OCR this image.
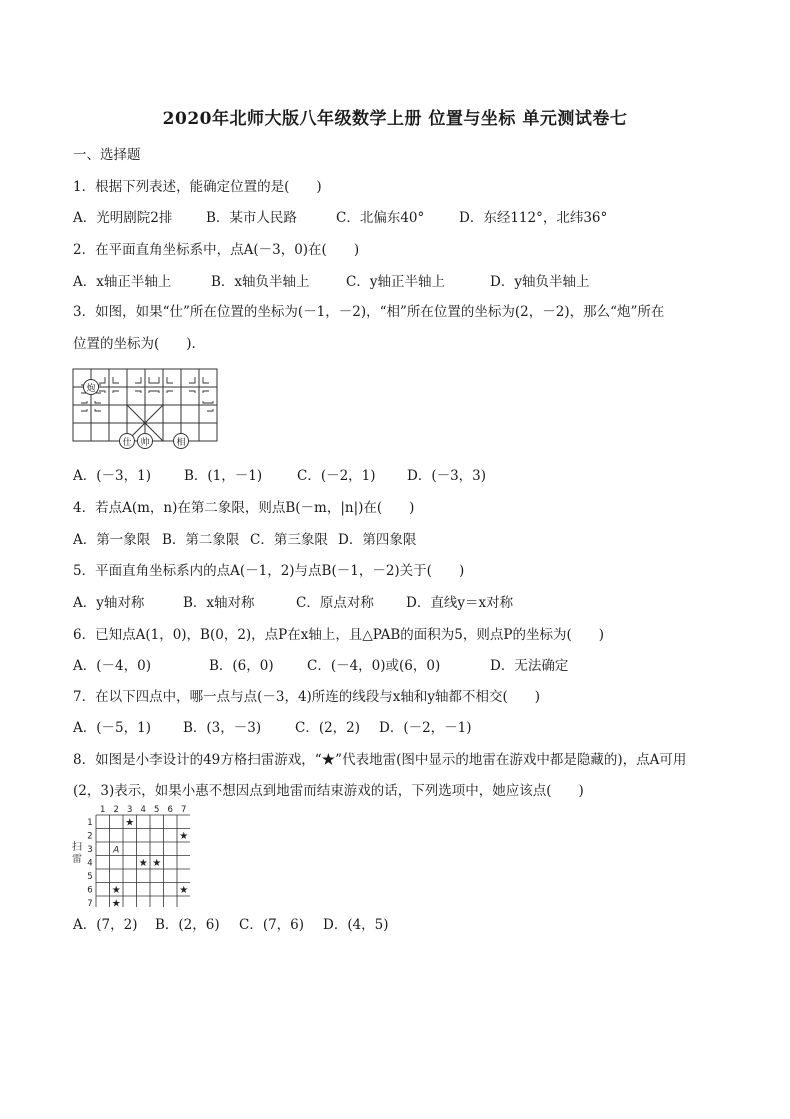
2020年北师大版八年级数学上册 位置与坐标 单元测试卷七
一、选择题
1．根据下列表述，能确定位置的是(　　)
A．光明剧院2排 B．某市人民路	C．北偏东40°	D．东经112°，北纬36°
2．在平面直角坐标系中，点A(－3，0)在(　　)
A．x轴正半轴上	B．x轴负半轴上	C．y轴正半轴上	D．y轴负半轴上
3．如图，如果“仕”所在位置的坐标为(－1，－2)，“相”所在位置的坐标为(2，－2)，那么“炮”所在
位置的坐标为(　　).
炮
仕 帅	相
A．(－3，1) B．(1，－1)	C．(－2，1) D．(－3，3)
4．若点A(m，n)在第二象限，则点B(－m，|n|)在(　　)
A．第一象限 B．第二象限 C．第三象限 D．第四象限
5．平面直角坐标系内的点A(－1，2)与点B(－1，－2)关于(　　)
A．y轴对称	B．x轴对称	C．原点对称 D．直线y＝x对称
6．已知点A(1，0)，B(0，2)，点P在x轴上，且△PAB的面积为5，则点P的坐标为(　　)
A．(－4，0)	B．(6，0) C．(－4，0)或(6，0)	D．无法确定
7．在以下四点中，哪一点与点(－3，4)所连的线段与x轴和y轴都不相交(　　)
A．(－5，1) B．(3，－3)	C．(2，2) D．(－2，－1)
8．如图是小李设计的49方格扫雷游戏，“★”代表地雷(图中显示的地雷在游戏中都是隐藏的)，点A可用
(2，3)表示，如果小惠不想因点到地雷而结束游戏的话，下列选项中，她应该点(　　)
1 2 3 4 5 6 7
1
2
3
4
5
6
7
★
★
★ ★
★	★
★
A
扫
雷
A．(7，2) B．(2，6) C．(7，6) D．(4，5)
